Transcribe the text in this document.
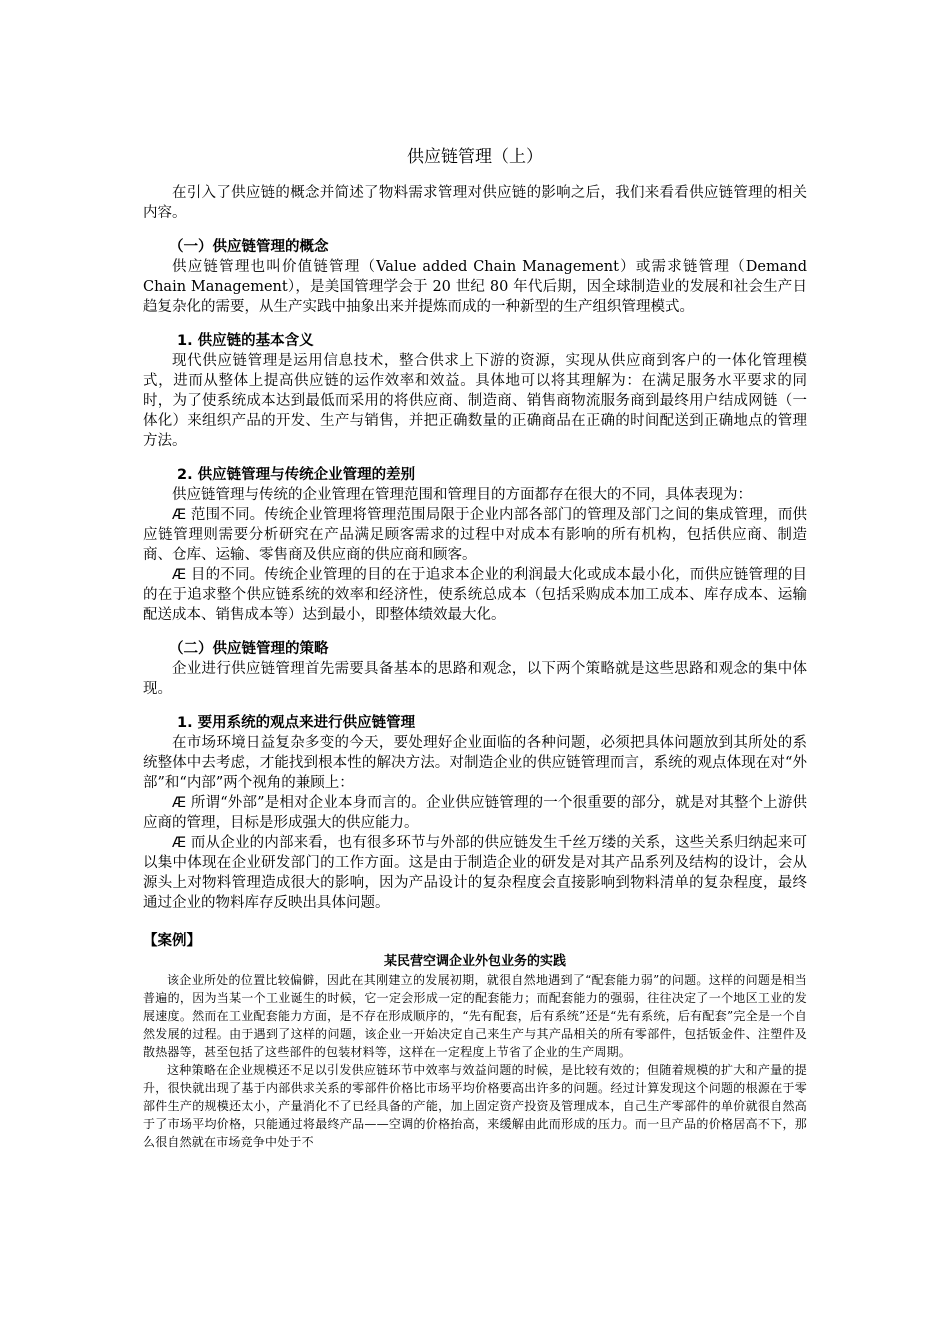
供应链管理（上）

在引入了供应链的概念并简述了物料需求管理对供应链的影响之后，我们来看看供应链管理的相关内容。

（一）供应链管理的概念

供应链管理也叫价值链管理（Value added Chain Management）或需求链管理（Demand Chain Management），是美国管理学会于 20 世纪 80 年代后期，因全球制造业的发展和社会生产日趋复杂化的需要，从生产实践中抽象出来并提炼而成的一种新型的生产组织管理模式。

1. 供应链的基本含义

现代供应链管理是运用信息技术，整合供求上下游的资源，实现从供应商到客户的一体化管理模式，进而从整体上提高供应链的运作效率和效益。具体地可以将其理解为：在满足服务水平要求的同时，为了使系统成本达到最低而采用的将供应商、制造商、销售商物流服务商到最终用户结成网链（一体化）来组织产品的开发、生产与销售，并把正确数量的正确商品在正确的时间配送到正确地点的管理方法。

2. 供应链管理与传统企业管理的差别

供应链管理与传统的企业管理在管理范围和管理目的方面都存在很大的不同，具体表现为：

Æ 范围不同。传统企业管理将管理范围局限于企业内部各部门的管理及部门之间的集成管理，而供应链管理则需要分析研究在产品满足顾客需求的过程中对成本有影响的所有机构，包括供应商、制造商、仓库、运输、零售商及供应商的供应商和顾客。

Æ 目的不同。传统企业管理的目的在于追求本企业的利润最大化或成本最小化，而供应链管理的目的在于追求整个供应链系统的效率和经济性，使系统总成本（包括采购成本加工成本、库存成本、运输配送成本、销售成本等）达到最小，即整体绩效最大化。

（二）供应链管理的策略

企业进行供应链管理首先需要具备基本的思路和观念，以下两个策略就是这些思路和观念的集中体现。

1. 要用系统的观点来进行供应链管理

在市场环境日益复杂多变的今天，要处理好企业面临的各种问题，必须把具体问题放到其所处的系统整体中去考虑，才能找到根本性的解决方法。对制造企业的供应链管理而言，系统的观点体现在对“外部”和“内部”两个视角的兼顾上：

Æ 所谓“外部”是相对企业本身而言的。企业供应链管理的一个很重要的部分，就是对其整个上游供应商的管理，目标是形成强大的供应能力。

Æ 而从企业的内部来看，也有很多环节与外部的供应链发生千丝万缕的关系，这些关系归纳起来可以集中体现在企业研发部门的工作方面。这是由于制造企业的研发是对其产品系列及结构的设计，会从源头上对物料管理造成很大的影响，因为产品设计的复杂程度会直接影响到物料清单的复杂程度，最终通过企业的物料库存反映出具体问题。

【案例】
某民营空调企业外包业务的实践

该企业所处的位置比较偏僻，因此在其刚建立的发展初期，就很自然地遇到了“配套能力弱”的问题。这样的问题是相当普遍的，因为当某一个工业诞生的时候，它一定会形成一定的配套能力；而配套能力的强弱，往往决定了一个地区工业的发展速度。然而在工业配套能力方面，是不存在形成顺序的，“先有配套，后有系统”还是“先有系统，后有配套”完全是一个自然发展的过程。由于遇到了这样的问题，该企业一开始决定自己来生产与其产品相关的所有零部件，包括钣金件、注塑件及散热器等，甚至包括了这些部件的包装材料等，这样在一定程度上节省了企业的生产周期。

这种策略在企业规模还不足以引发供应链环节中效率与效益问题的时候，是比较有效的；但随着规模的扩大和产量的提升，很快就出现了基于内部供求关系的零部件价格比市场平均价格要高出许多的问题。经过计算发现这个问题的根源在于零部件生产的规模还太小，产量消化不了已经具备的产能，加上固定资产投资及管理成本，自己生产零部件的单价就很自然高于了市场平均价格，只能通过将最终产品——空调的价格抬高，来缓解由此而形成的压力。而一旦产品的价格居高不下，那么很自然就在市场竞争中处于不
